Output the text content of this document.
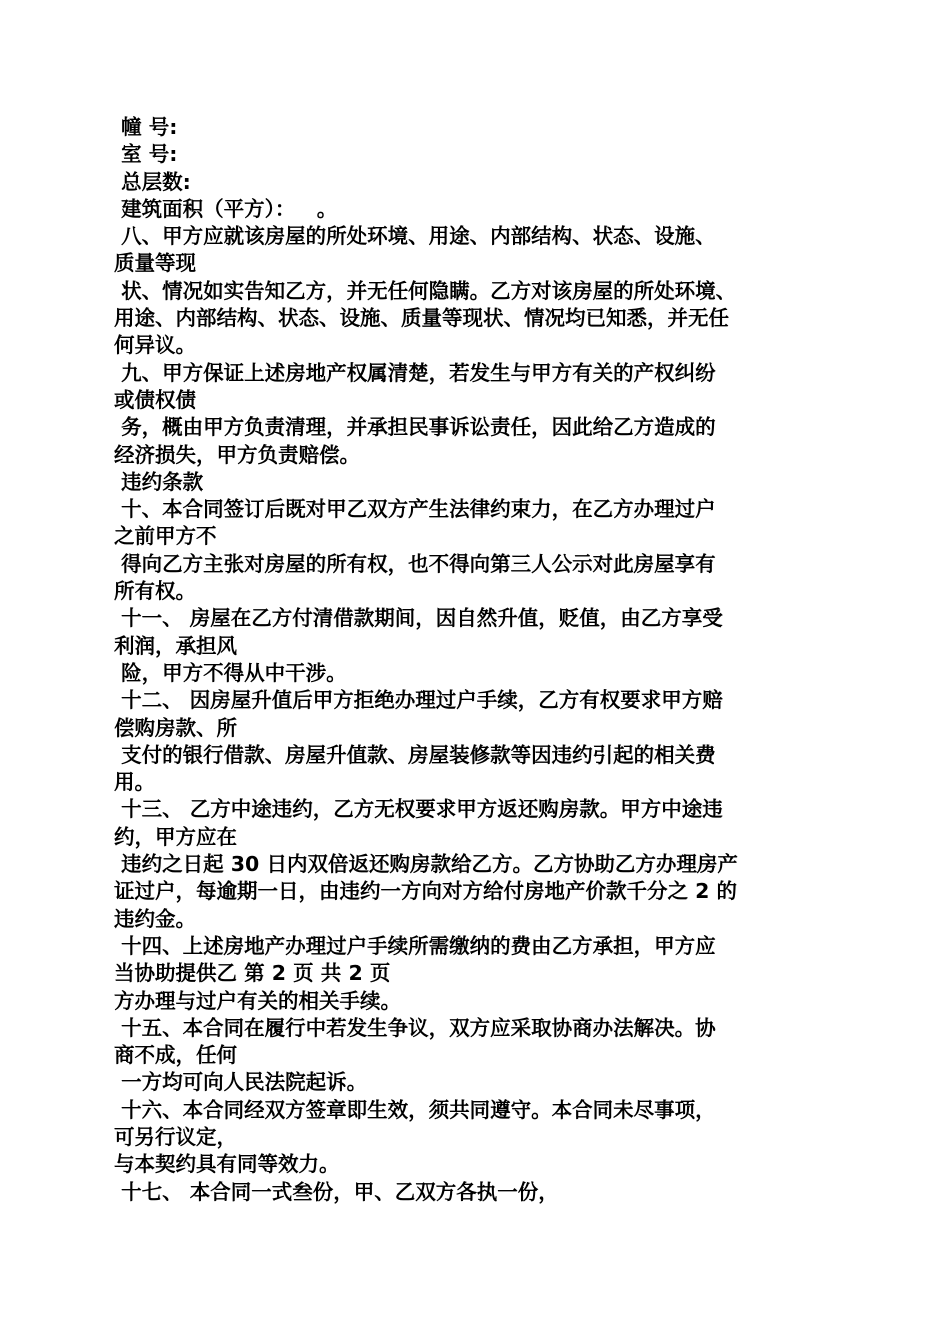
幢 号:
室 号:
总层数:
建筑面积（平方）：   。
八、甲方应就该房屋的所处环境、用途、内部结构、状态、设施、
质量等现
状、情况如实告知乙方，并无任何隐瞒。乙方对该房屋的所处环境、
用途、内部结构、状态、设施、质量等现状、情况均已知悉，并无任
何异议。
九、甲方保证上述房地产权属清楚，若发生与甲方有关的产权纠纷
或债权债
务，概由甲方负责清理，并承担民事诉讼责任，因此给乙方造成的
经济损失，甲方负责赔偿。
违约条款
十、本合同签订后既对甲乙双方产生法律约束力，在乙方办理过户
之前甲方不
得向乙方主张对房屋的所有权，也不得向第三人公示对此房屋享有
所有权。
十一、 房屋在乙方付清借款期间，因自然升值，贬值，由乙方享受
利润，承担风
险，甲方不得从中干涉。
十二、 因房屋升值后甲方拒绝办理过户手续，乙方有权要求甲方赔
偿购房款、所
支付的银行借款、房屋升值款、房屋装修款等因违约引起的相关费
用。
十三、 乙方中途违约，乙方无权要求甲方返还购房款。甲方中途违
约，甲方应在
违约之日起 30 日内双倍返还购房款给乙方。乙方协助乙方办理房产
证过户，每逾期一日，由违约一方向对方给付房地产价款千分之 2 的
违约金。
十四、上述房地产办理过户手续所需缴纳的费由乙方承担，甲方应
当协助提供乙 第 2 页 共 2 页
方办理与过户有关的相关手续。
十五、本合同在履行中若发生争议，双方应采取协商办法解决。协
商不成，任何
一方均可向人民法院起诉。
十六、本合同经双方签章即生效，须共同遵守。本合同未尽事项，
可另行议定，
与本契约具有同等效力。
十七、 本合同一式叁份，甲、乙双方各执一份，
